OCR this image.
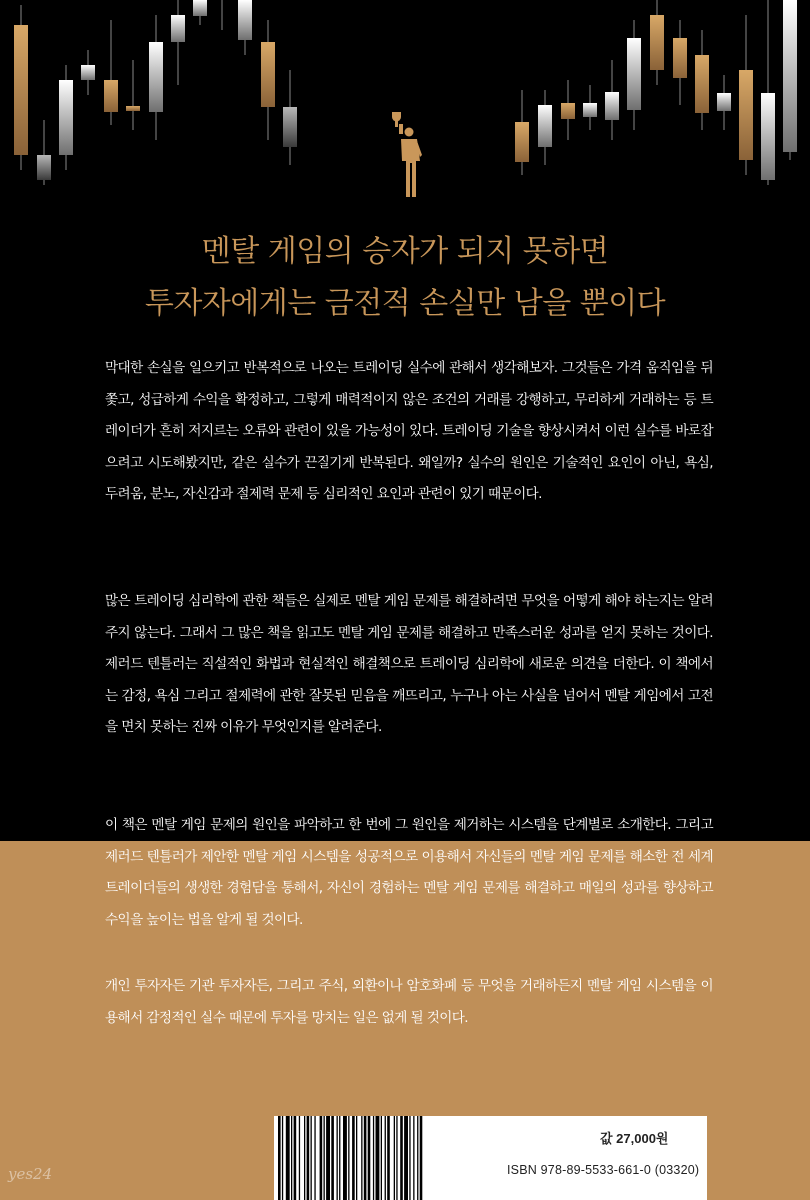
멘탈 게임의 승자가 되지 못하면
투자자에게는 금전적 손실만 남을 뿐이다

막대한 손실을 일으키고 반복적으로 나오는 트레이딩 실수에 관해서 생각해보자. 그것들은 가격 움직임을 뒤쫓고, 성급하게 수익을 확정하고, 그렇게 매력적이지 않은 조건의 거래를 강행하고, 무리하게 거래하는 등 트레이더가 흔히 저지르는 오류와 관련이 있을 가능성이 있다. 트레이딩 기술을 향상시켜서 이런 실수를 바로잡으려고 시도해봤지만, 같은 실수가 끈질기게 반복된다. 왜일까? 실수의 원인은 기술적인 요인이 아닌, 욕심, 두려움, 분노, 자신감과 절제력 문제 등 심리적인 요인과 관련이 있기 때문이다.

많은 트레이딩 심리학에 관한 책들은 실제로 멘탈 게임 문제를 해결하려면 무엇을 어떻게 해야 하는지는 알려주지 않는다. 그래서 그 많은 책을 읽고도 멘탈 게임 문제를 해결하고 만족스러운 성과를 얻지 못하는 것이다. 제러드 텐틀러는 직설적인 화법과 현실적인 해결책으로 트레이딩 심리학에 새로운 의견을 더한다. 이 책에서는 감정, 욕심 그리고 절제력에 관한 잘못된 믿음을 깨뜨리고, 누구나 아는 사실을 넘어서 멘탈 게임에서 고전을 면치 못하는 진짜 이유가 무엇인지를 알려준다.

이 책은 멘탈 게임 문제의 원인을 파악하고 한 번에 그 원인을 제거하는 시스템을 단계별로 소개한다. 그리고 제러드 텐틀러가 제안한 멘탈 게임 시스템을 성공적으로 이용해서 자신들의 멘탈 게임 문제를 해소한 전 세계 트레이더들의 생생한 경험담을 통해서, 자신이 경험하는 멘탈 게임 문제를 해결하고 매일의 성과를 향상하고 수익을 높이는 법을 알게 될 것이다.

개인 투자자든 기관 투자자든, 그리고 주식, 외환이나 암호화폐 등 무엇을 거래하든지 멘탈 게임 시스템을 이용해서 감정적인 실수 때문에 투자를 망치는 일은 없게 될 것이다.

값 27,000원
ISBN 978-89-5533-661-0 (03320)
yes24
